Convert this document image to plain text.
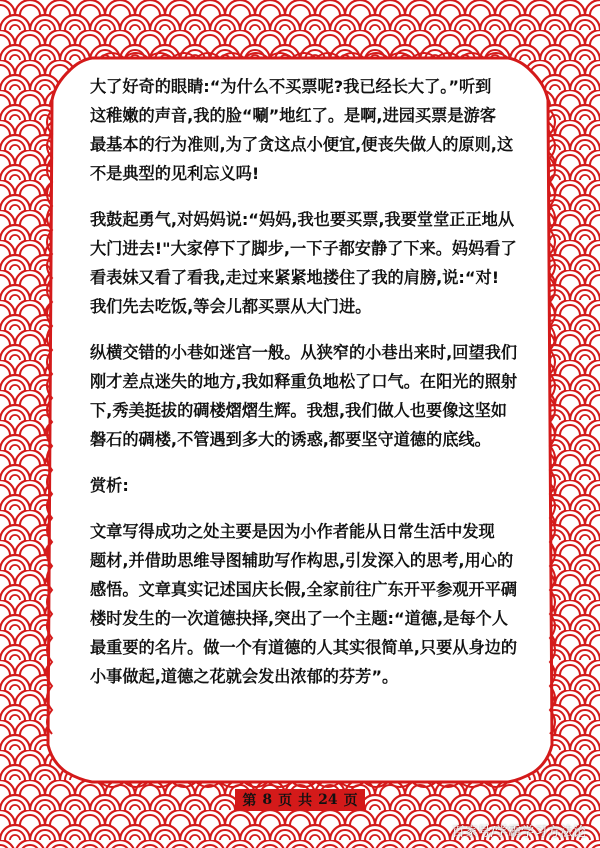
大了好奇的眼睛:“为什么不买票呢?我已经长大了。”听到
这稚嫩的声音,我的脸“唰”地红了。是啊,进园买票是游客
最基本的行为准则,为了贪这点小便宜,便丧失做人的原则,这
不是典型的见利忘义吗!

我鼓起勇气,对妈妈说:“妈妈,我也要买票,我要堂堂正正地从
大门进去!"大家停下了脚步,一下子都安静了下来。妈妈看了
看表妹又看了看我,走过来紧紧地搂住了我的肩膀,说:“对!
我们先去吃饭,等会儿都买票从大门进。

纵横交错的小巷如迷宫一般。从狭窄的小巷出来时,回望我们
刚才差点迷失的地方,我如释重负地松了口气。在阳光的照射
下,秀美挺拔的碉楼熠熠生辉。我想,我们做人也要像这坚如
磐石的碉楼,不管遇到多大的诱惑,都要坚守道德的底线。

赏析:

文章写得成功之处主要是因为小作者能从日常生活中发现
题材,并借助思维导图辅助写作构思,引发深入的思考,用心的
感悟。文章真实记述国庆长假,全家前往广东开平参观开平碉
楼时发生的一次道德抉择,突出了一个主题:“道德,是每个人
最重要的名片。做一个有道德的人其实很简单,只要从身边的
小事做起,道德之花就会发出浓郁的芬芳”。

第 8 页 共 24 页
百家号/学霸学习方法论
